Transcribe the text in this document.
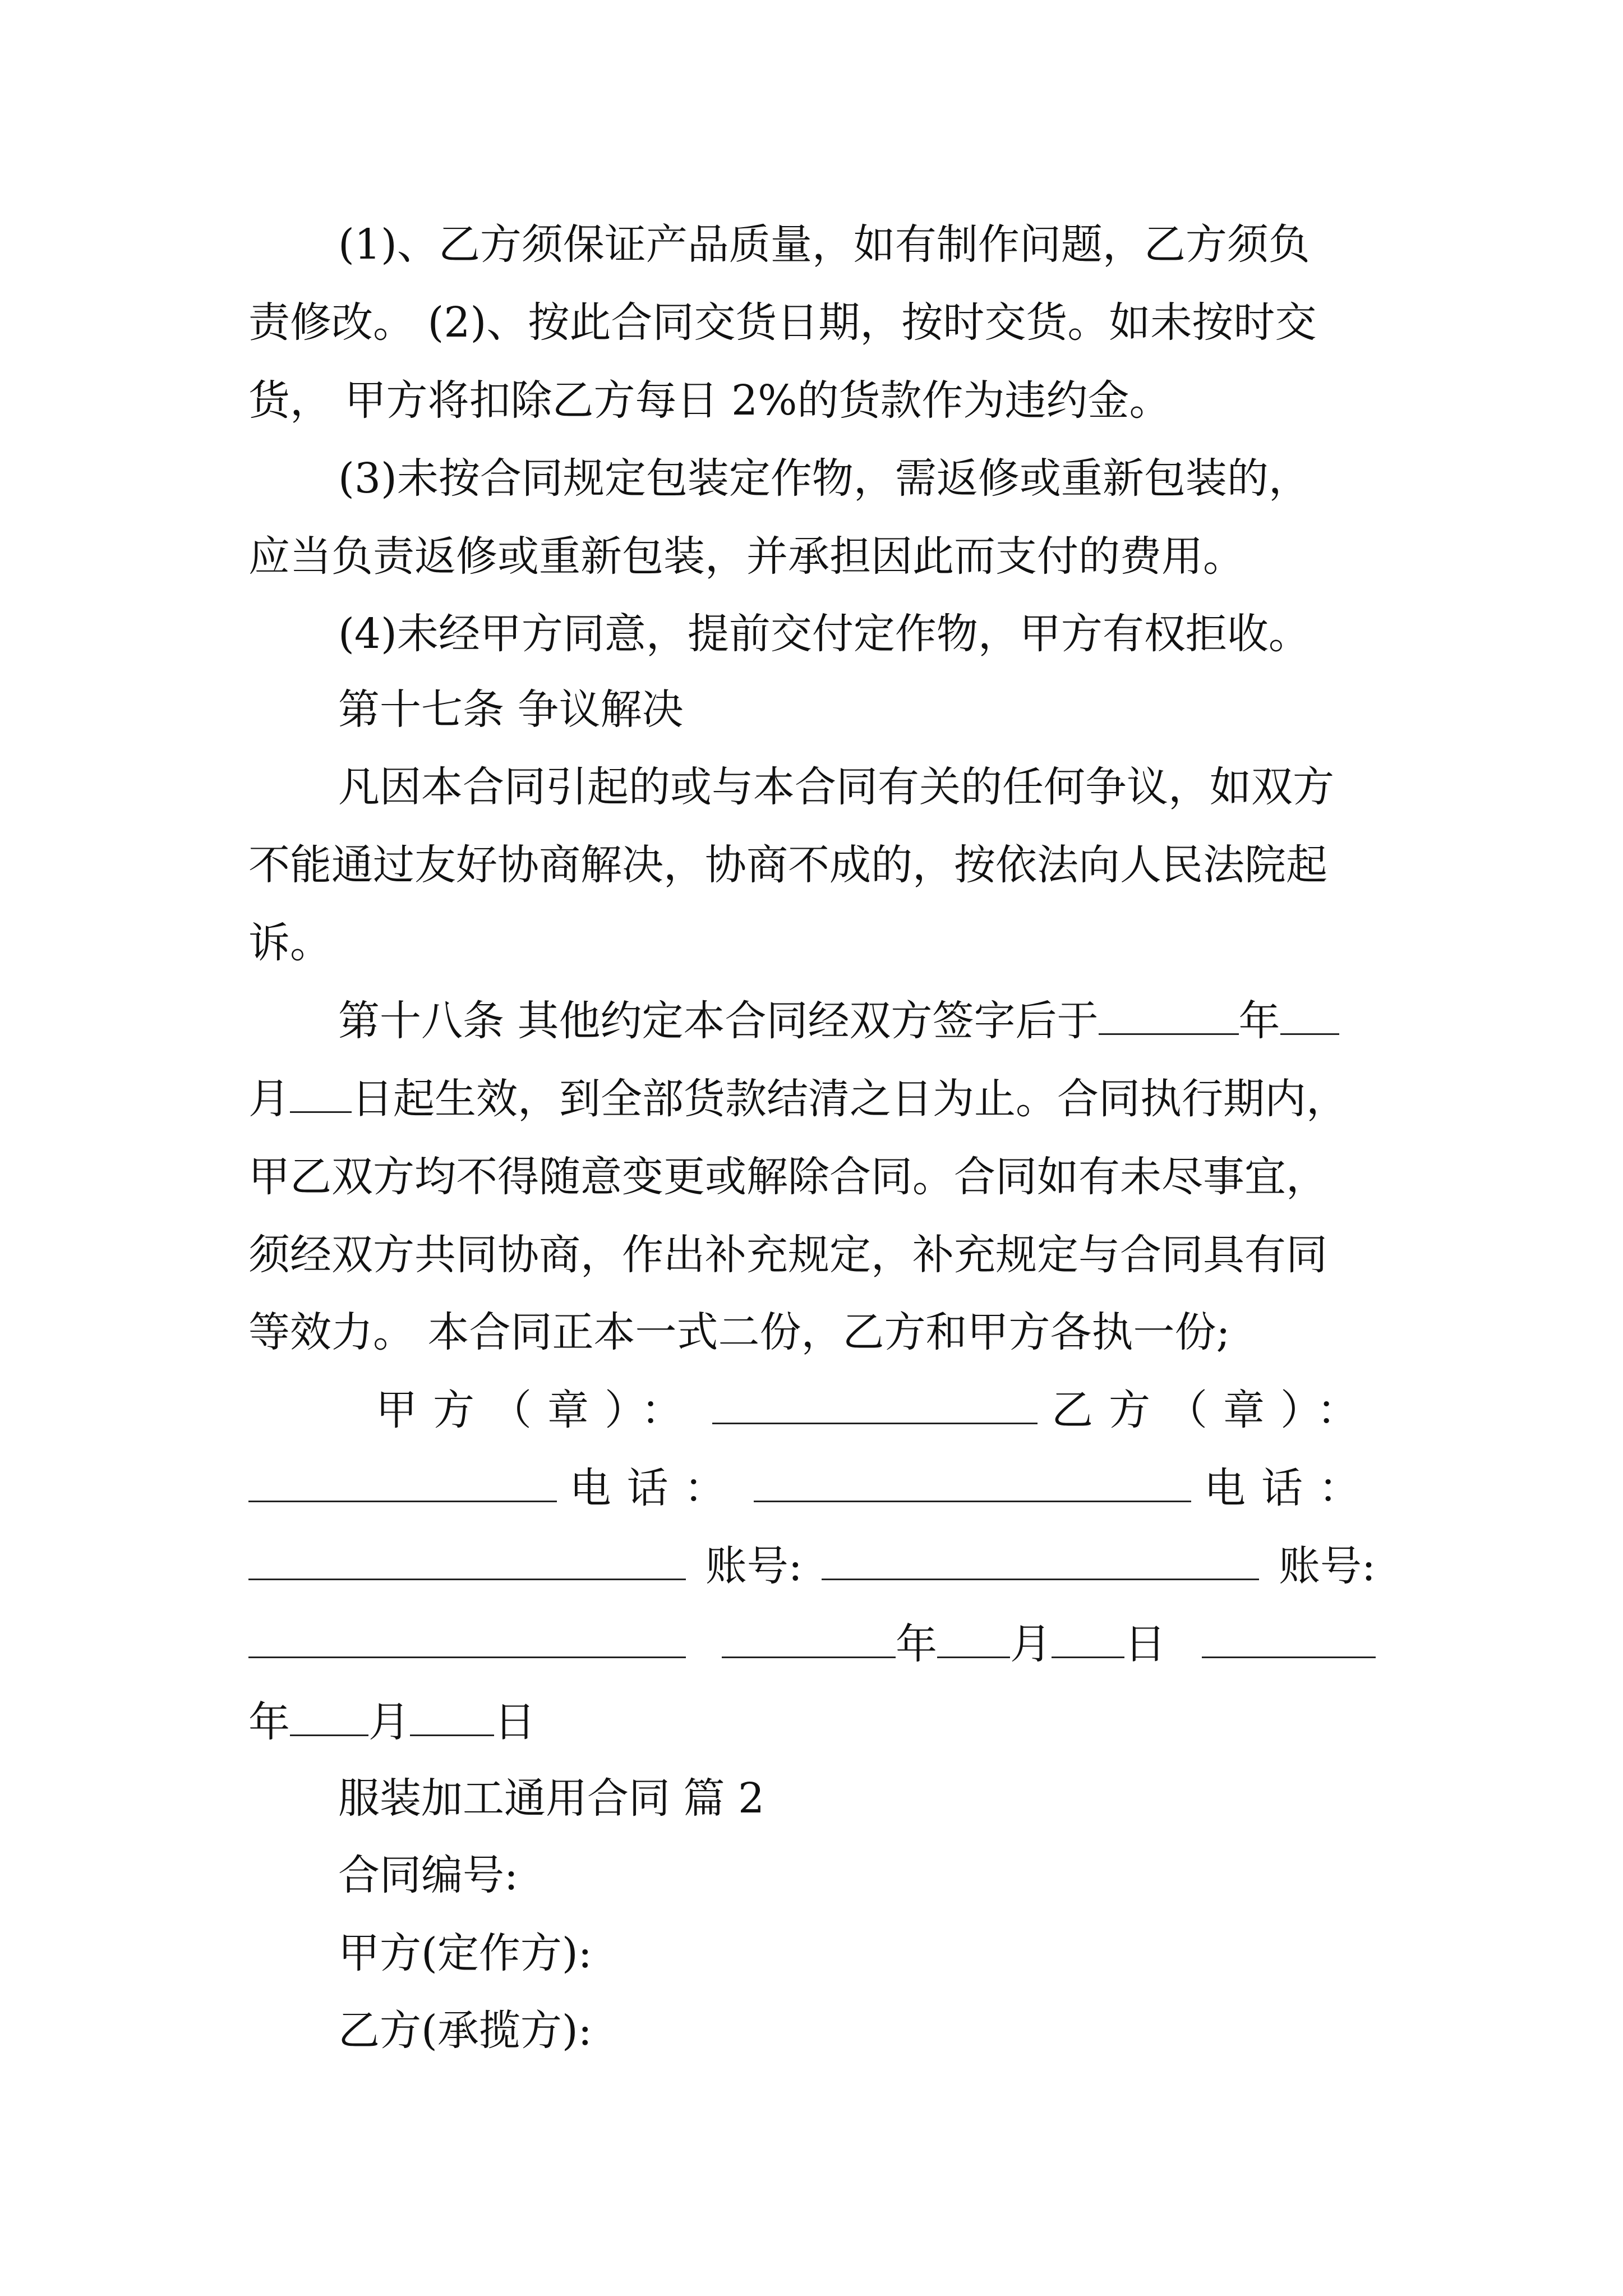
(1)、乙方须保证产品质量，如有制作问题，乙方须负
责修改。 (2)、按此合同交货日期，按时交货。如未按时交
货， 甲方将扣除乙方每日 2%的货款作为违约金。
(3)未按合同规定包装定作物，需返修或重新包装的，
应当负责返修或重新包装，并承担因此而支付的费用。
(4)未经甲方同意，提前交付定作物，甲方有权拒收。
第十七条 争议解决
凡因本合同引起的或与本合同有关的任何争议，如双方
不能通过友好协商解决，协商不成的，按依法向人民法院起
诉。
第十八条 其他约定本合同经双方签字后于	年
月 日起生效，到全部货款结清之日为止。合同执行期内，
甲乙双方均不得随意变更或解除合同。合同如有未尽事宜，
须经双方共同协商，作出补充规定，补充规定与合同具有同
等效力。 本合同正本一式二份，乙方和甲方各执一份;
甲方（章）：	乙方（章）：
电话：	电话：
账号:	账号:
年 月 日
年 月 日
服装加工通用合同 篇 2
合同编号:
甲方(定作方):
乙方(承揽方):
